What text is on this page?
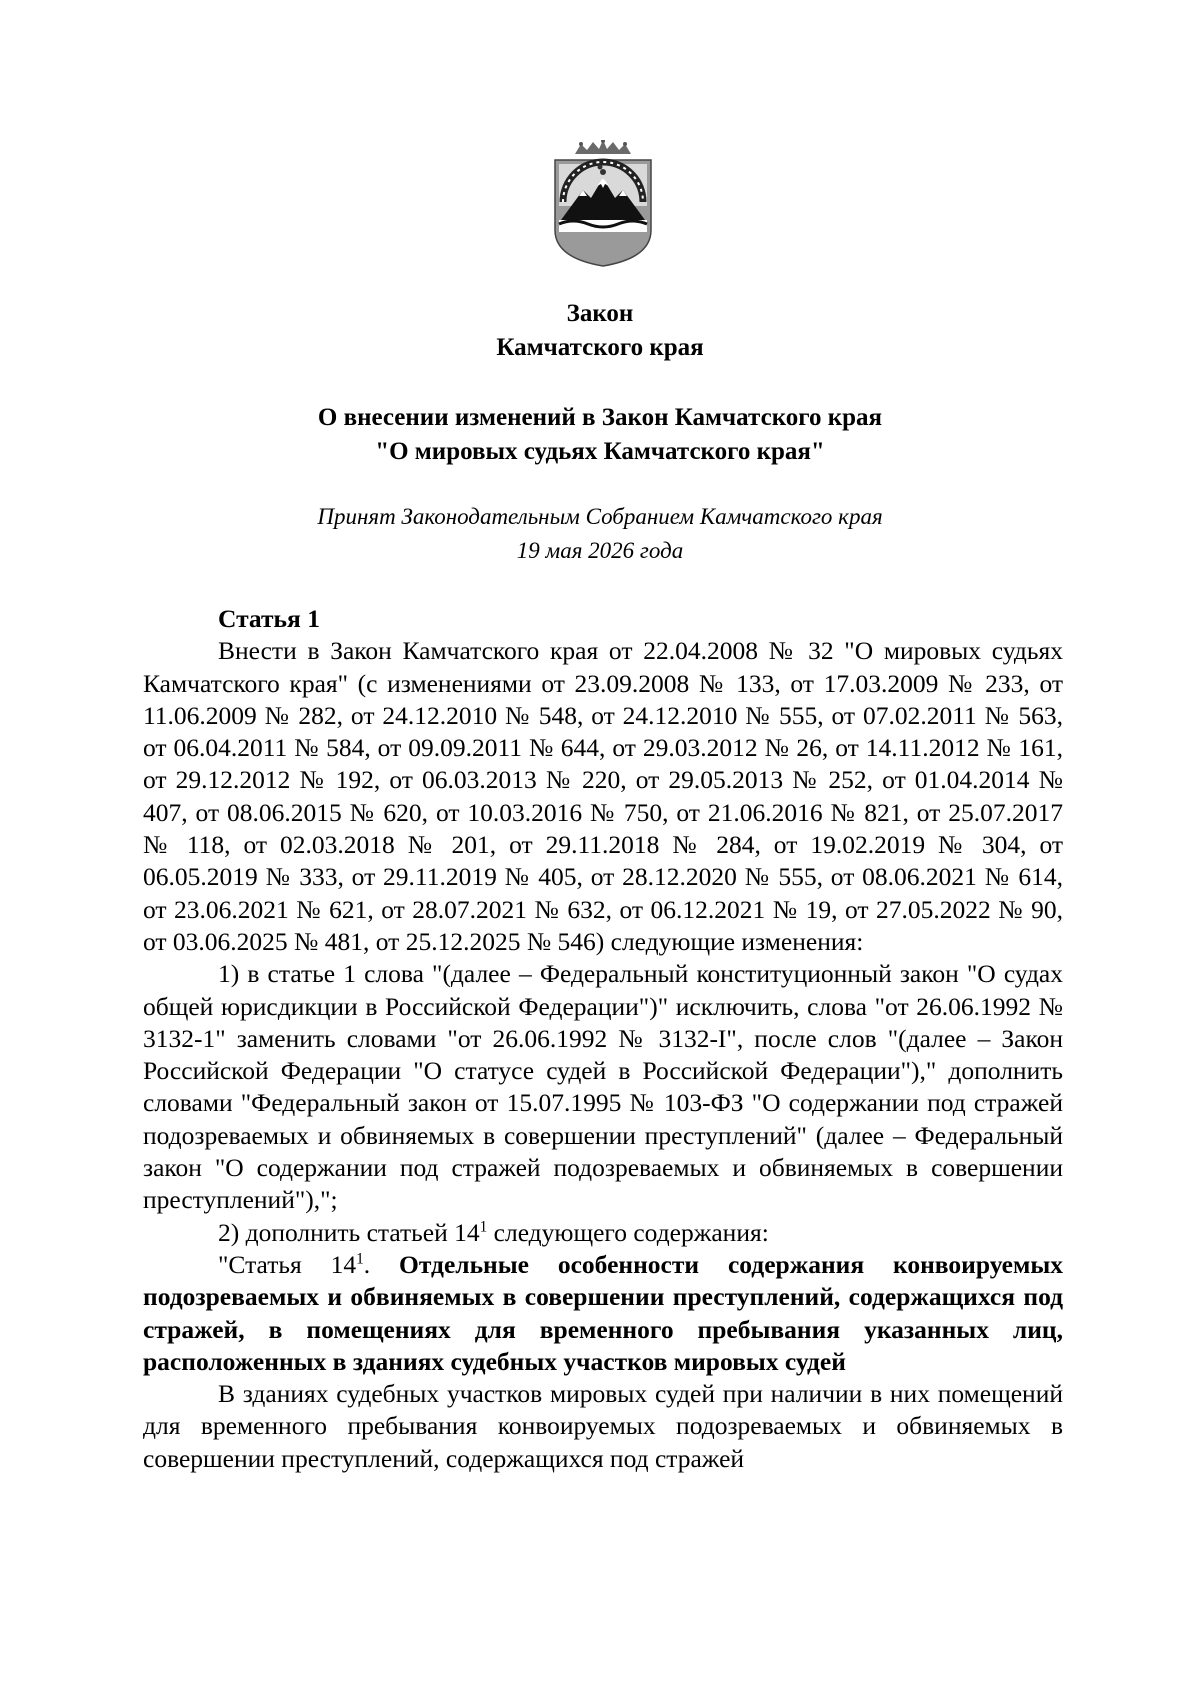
Закон
Камчатского края
О внесении изменений в Закон Камчатского края
"О мировых судьях Камчатского края"
Принят Законодательным Собранием Камчатского края
19 мая 2026 года
Статья 1

Внести в Закон Камчатского края от 22.04.2008 № 32 "О мировых судьях Камчатского края" (с изменениями от 23.09.2008 № 133, от 17.03.2009 № 233, от 11.06.2009 № 282, от 24.12.2010 № 548, от 24.12.2010 № 555, от 07.02.2011 № 563, от 06.04.2011 № 584, от 09.09.2011 № 644, от 29.03.2012 № 26, от 14.11.2012 № 161, от 29.12.2012 № 192, от 06.03.2013 № 220, от 29.05.2013 № 252, от 01.04.2014 № 407, от 08.06.2015 № 620, от 10.03.2016 № 750, от 21.06.2016 № 821, от 25.07.2017 № 118, от 02.03.2018 № 201, от 29.11.2018 № 284, от 19.02.2019 № 304, от 06.05.2019 № 333, от 29.11.2019 № 405, от 28.12.2020 № 555, от 08.06.2021 № 614, от 23.06.2021 № 621, от 28.07.2021 № 632, от 06.12.2021 № 19, от 27.05.2022 № 90, от 03.06.2025 № 481, от 25.12.2025 № 546) следующие изменения:

1) в статье 1 слова "(далее – Федеральный конституционный закон "О судах общей юрисдикции в Российской Федерации")" исключить, слова "от 26.06.1992 № 3132-1" заменить словами "от 26.06.1992 № 3132-I", после слов "(далее – Закон Российской Федерации "О статусе судей в Российской Федерации")," дополнить словами "Федеральный закон от 15.07.1995 № 103-ФЗ "О содержании под стражей подозреваемых и обвиняемых в совершении преступлений" (далее – Федеральный закон "О содержании под стражей подозреваемых и обвиняемых в совершении преступлений"),";

2) дополнить статьей $14^1$ следующего содержания:

"Статья $14^1$. Отдельные особенности содержания конвоируемых подозреваемых и обвиняемых в совершении преступлений, содержащихся под стражей, в помещениях для временного пребывания указанных лиц, расположенных в зданиях судебных участков мировых судей

В зданиях судебных участков мировых судей при наличии в них помещений для временного пребывания конвоируемых подозреваемых и обвиняемых в совершении преступлений, содержащихся под стражей
